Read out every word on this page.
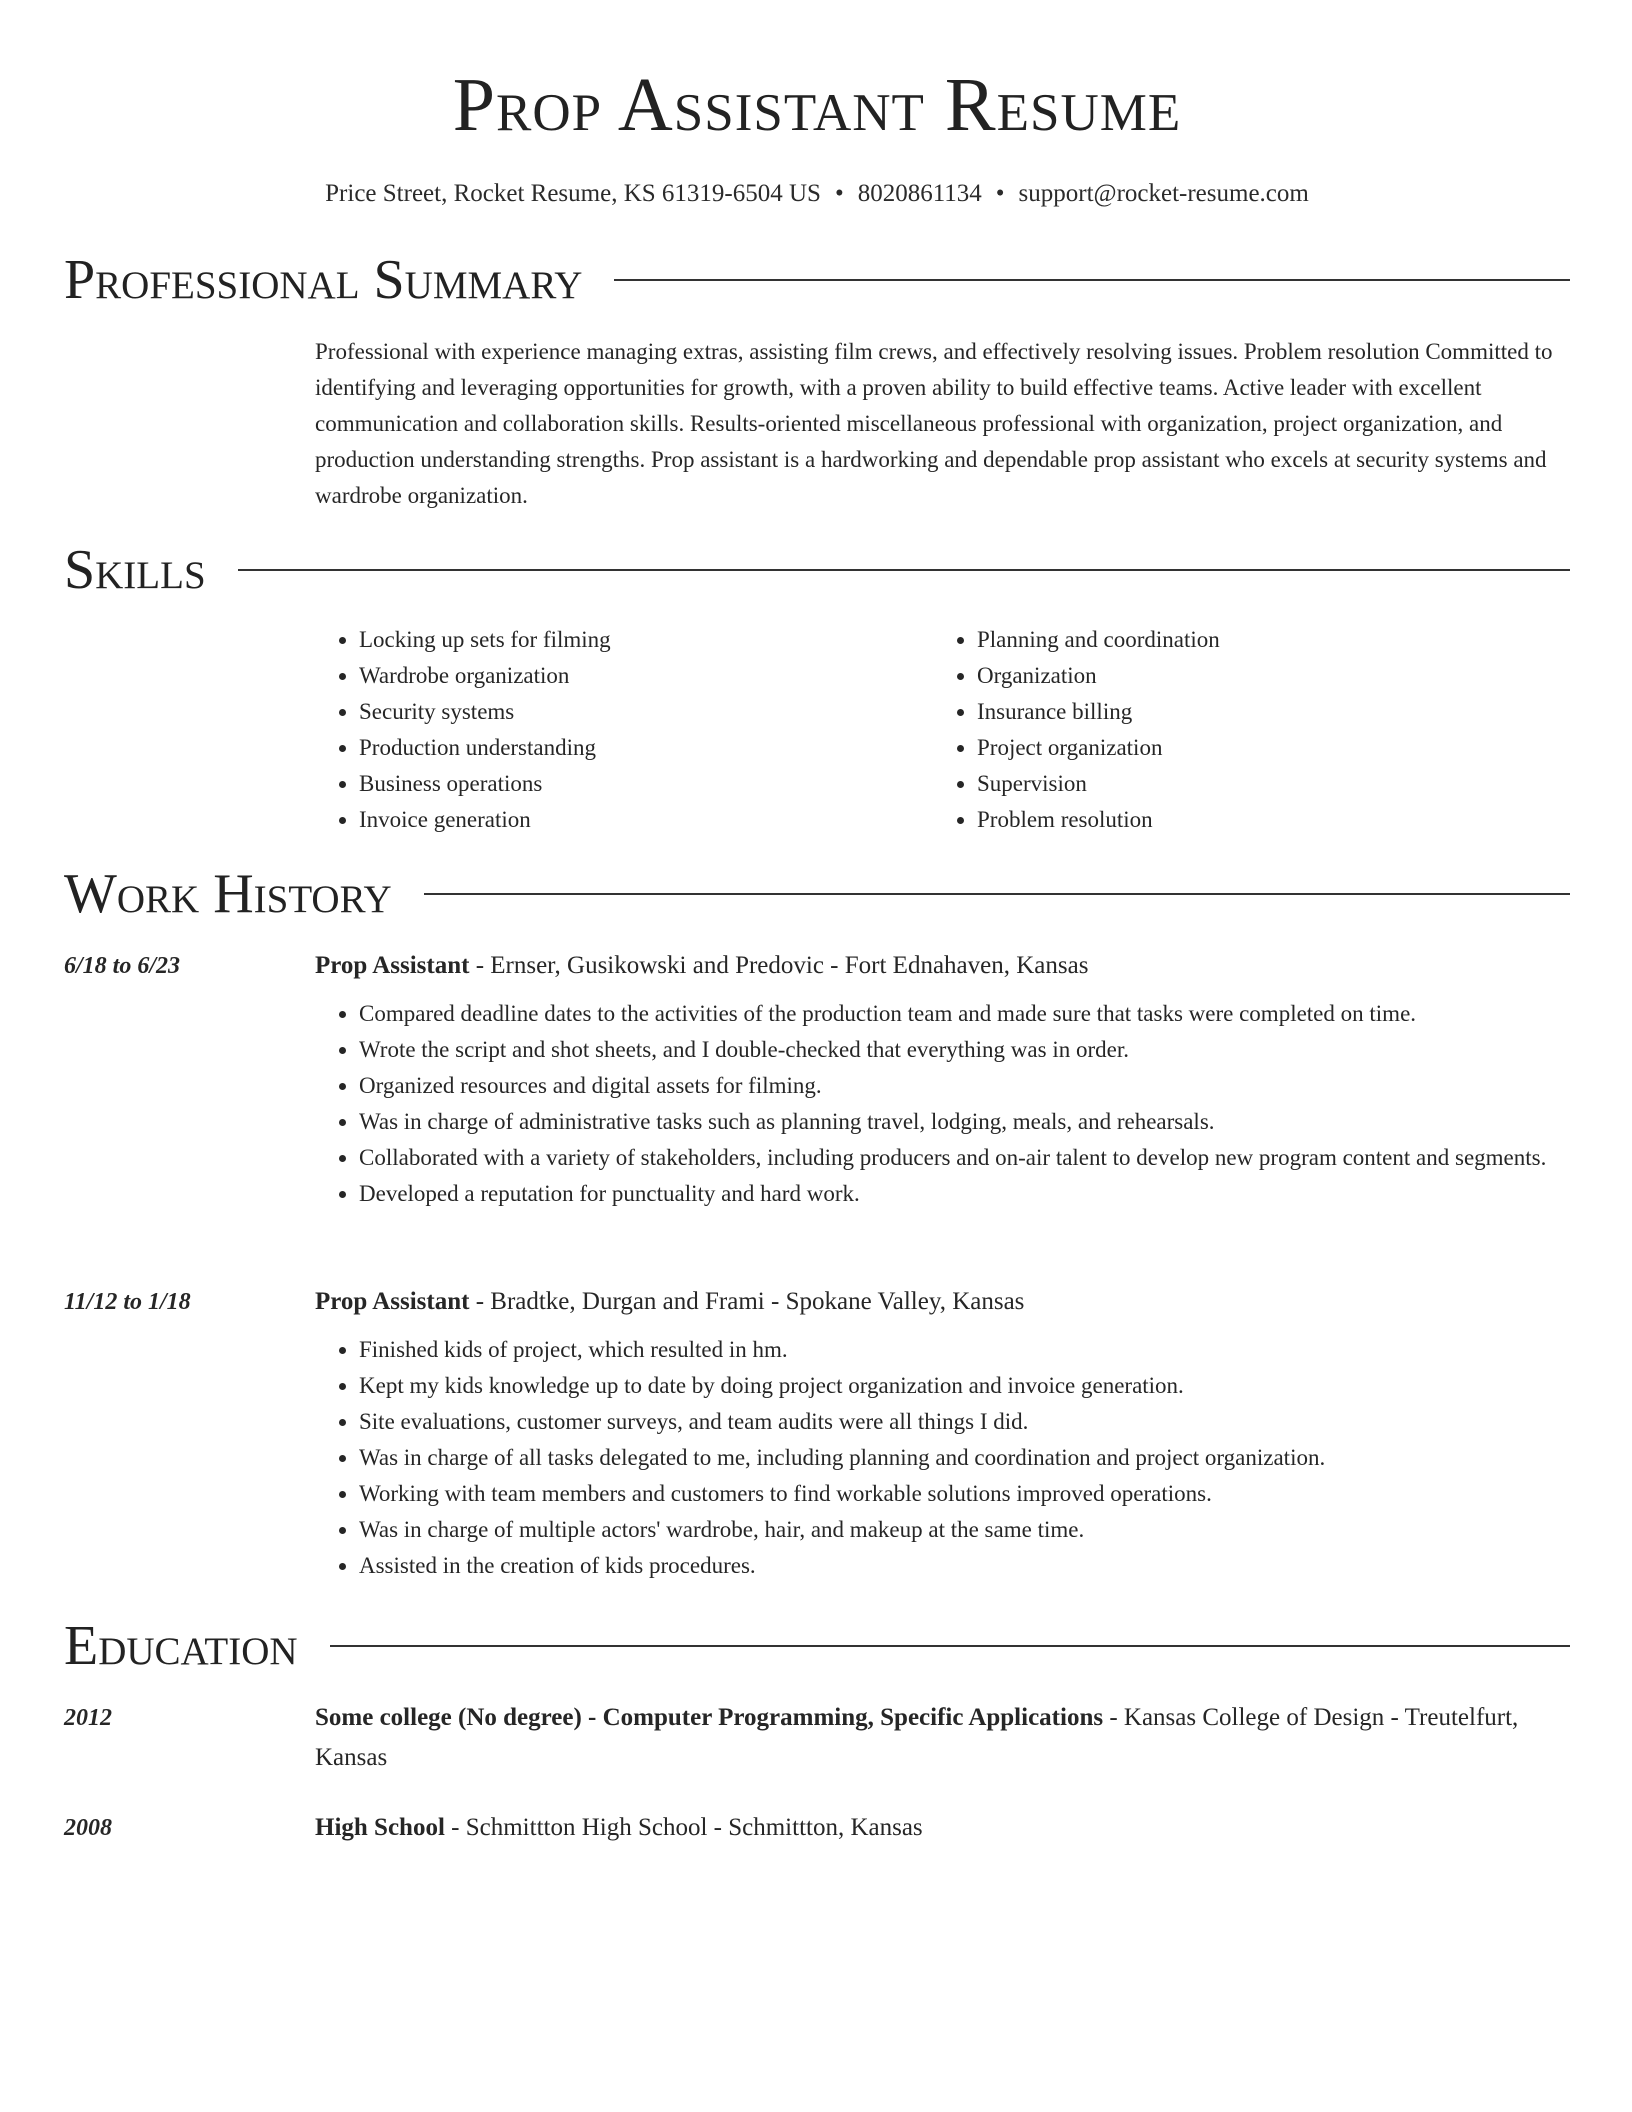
Prop Assistant Resume
Price Street, Rocket Resume, KS 61319-6504 US • 8020861134 • support@rocket-resume.com
Professional Summary

Professional with experience managing extras, assisting film crews, and effectively resolving issues. Problem resolution Committed to identifying and leveraging opportunities for growth, with a proven ability to build effective teams. Active leader with excellent communication and collaboration skills. Results-oriented miscellaneous professional with organization, project organization, and production understanding strengths. Prop assistant is a hardworking and dependable prop assistant who excels at security systems and wardrobe organization.

Skills
• Locking up sets for filming
• Wardrobe organization
• Security systems
• Production understanding
• Business operations
• Invoice generation
• Planning and coordination
• Organization
• Insurance billing
• Project organization
• Supervision
• Problem resolution
Work History
6/18 to 6/23	Prop Assistant - Ernser, Gusikowski and Predovic - Fort Ednahaven, Kansas
• Compared deadline dates to the activities of the production team and made sure that tasks were completed on time.
• Wrote the script and shot sheets, and I double-checked that everything was in order.
• Organized resources and digital assets for filming.
• Was in charge of administrative tasks such as planning travel, lodging, meals, and rehearsals.
• Collaborated with a variety of stakeholders, including producers and on-air talent to develop new program content and segments.
• Developed a reputation for punctuality and hard work.
11/12 to 1/18	Prop Assistant - Bradtke, Durgan and Frami - Spokane Valley, Kansas
• Finished kids of project, which resulted in hm.
• Kept my kids knowledge up to date by doing project organization and invoice generation.
• Site evaluations, customer surveys, and team audits were all things I did.
• Was in charge of all tasks delegated to me, including planning and coordination and project organization.
• Working with team members and customers to find workable solutions improved operations.
• Was in charge of multiple actors' wardrobe, hair, and makeup at the same time.
• Assisted in the creation of kids procedures.
Education
2012	Some college (No degree) - Computer Programming, Specific Applications - Kansas College of Design - Treutelfurt, Kansas
2008	High School - Schmittton High School - Schmittton, Kansas
